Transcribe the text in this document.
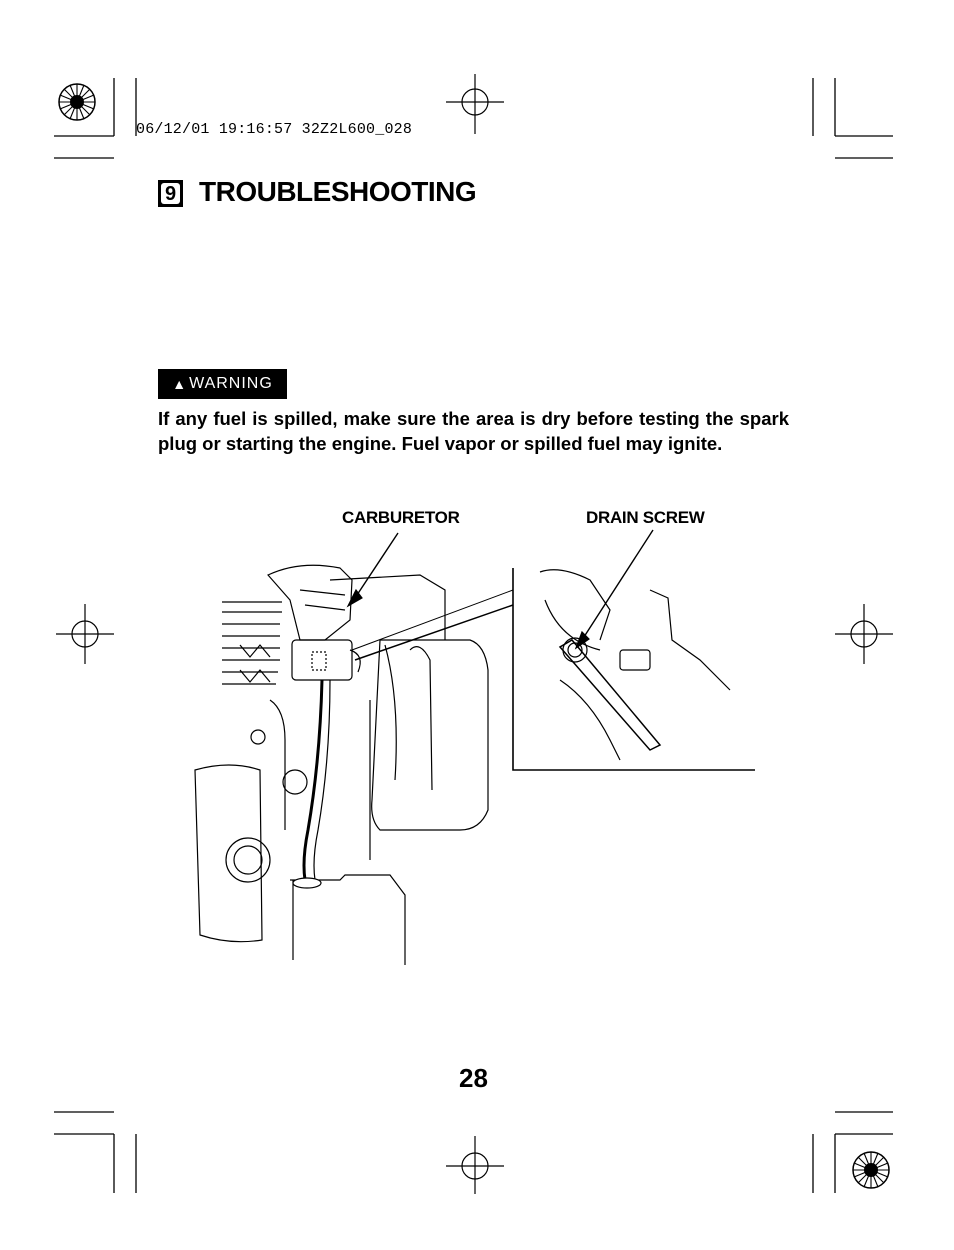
06/12/01 19:16:57 32Z2L600_028
9 TROUBLESHOOTING
▲ WARNING
If any fuel is spilled, make sure the area is dry before testing the spark plug or starting the engine. Fuel vapor or spilled fuel may ignite.
CARBURETOR	DRAIN SCREW
28
